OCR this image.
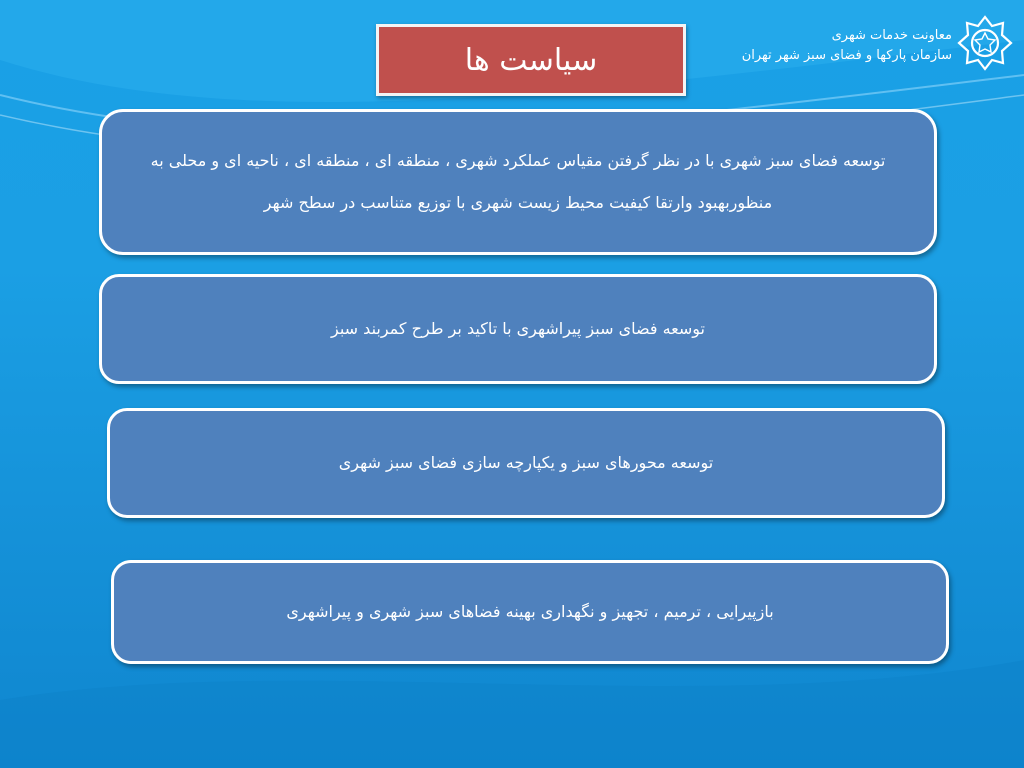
سیاست ها
معاونت خدمات شهری
سازمان پارکها و فضای سبز شهر تهران
توسعه فضای سبز شهری با در نظر گرفتن مقیاس عملکرد شهری ، منطقه ای ، منطقه ای ، ناحیه ای و محلی به منظوربهبود وارتقا کیفیت محیط زیست شهری با توزیع متناسب در سطح شهر
توسعه فضای سبز پیراشهری با تاکید بر طرح کمربند سبز
توسعه محورهای سبز و یکپارچه سازی فضای سبز شهری
بازپیرایی ، ترمیم ، تجهیز و نگهداری بهینه فضاهای سبز شهری و پیراشهری
